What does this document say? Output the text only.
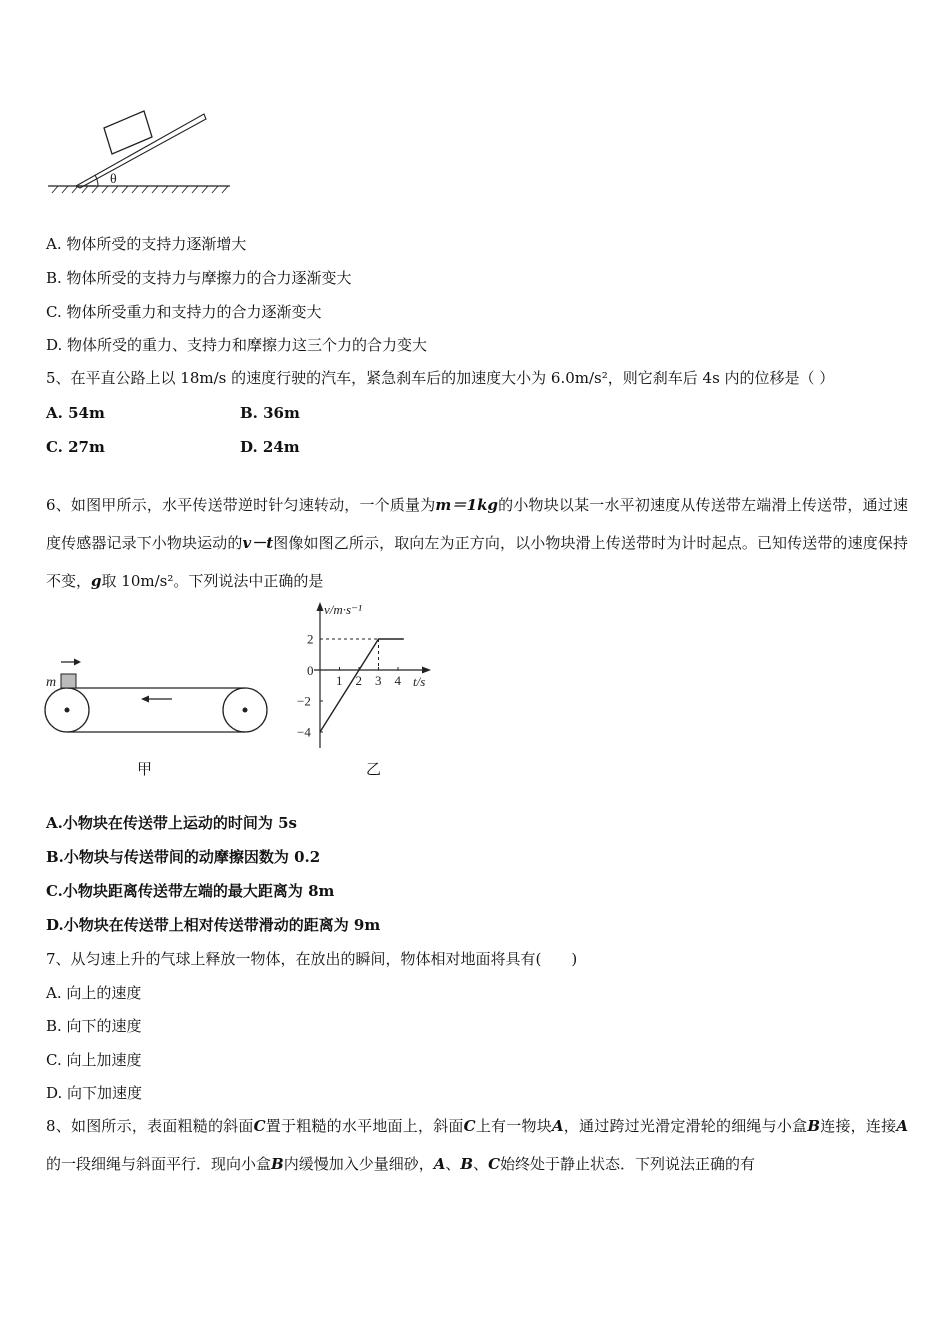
θ
A. 物体所受的支持力逐渐增大
B. 物体所受的支持力与摩擦力的合力逐渐变大
C. 物体所受重力和支持力的合力逐渐变大
D. 物体所受的重力、支持力和摩擦力这三个力的合力变大
5、在平直公路上以 18m/s 的速度行驶的汽车，紧急刹车后的加速度大小为 6.0m/s²，则它刹车后 4s 内的位移是（ ）
A. 54m	B. 36m
C. 27m	D. 24m
6、如图甲所示，水平传送带逆时针匀速转动，一个质量为m＝1kg的小物块以某一水平初速度从传送带左端滑上传送带，通过速度传感器记录下小物块运动的v－t图像如图乙所示，取向左为正方向，以小物块滑上传送带时为计时起点。已知传送带的速度保持不变，g取 10m/s²。下列说法中正确的是
m
甲
v/m·s⁻¹
t/s
0
1 2 3 4
2
−2
−4
乙
A.小物块在传送带上运动的时间为 5s
B.小物块与传送带间的动摩擦因数为 0.2
C.小物块距离传送带左端的最大距离为 8m
D.小物块在传送带上相对传送带滑动的距离为 9m
7、从匀速上升的气球上释放一物体，在放出的瞬间，物体相对地面将具有(　　)
A. 向上的速度
B. 向下的速度
C. 向上加速度
D. 向下加速度
8、如图所示，表面粗糙的斜面C置于粗糙的水平地面上，斜面C上有一物块A，通过跨过光滑定滑轮的细绳与小盒B连接，连接A的一段细绳与斜面平行．现向小盒B内缓慢加入少量细砂，A、B、C始终处于静止状态．下列说法正确的有
